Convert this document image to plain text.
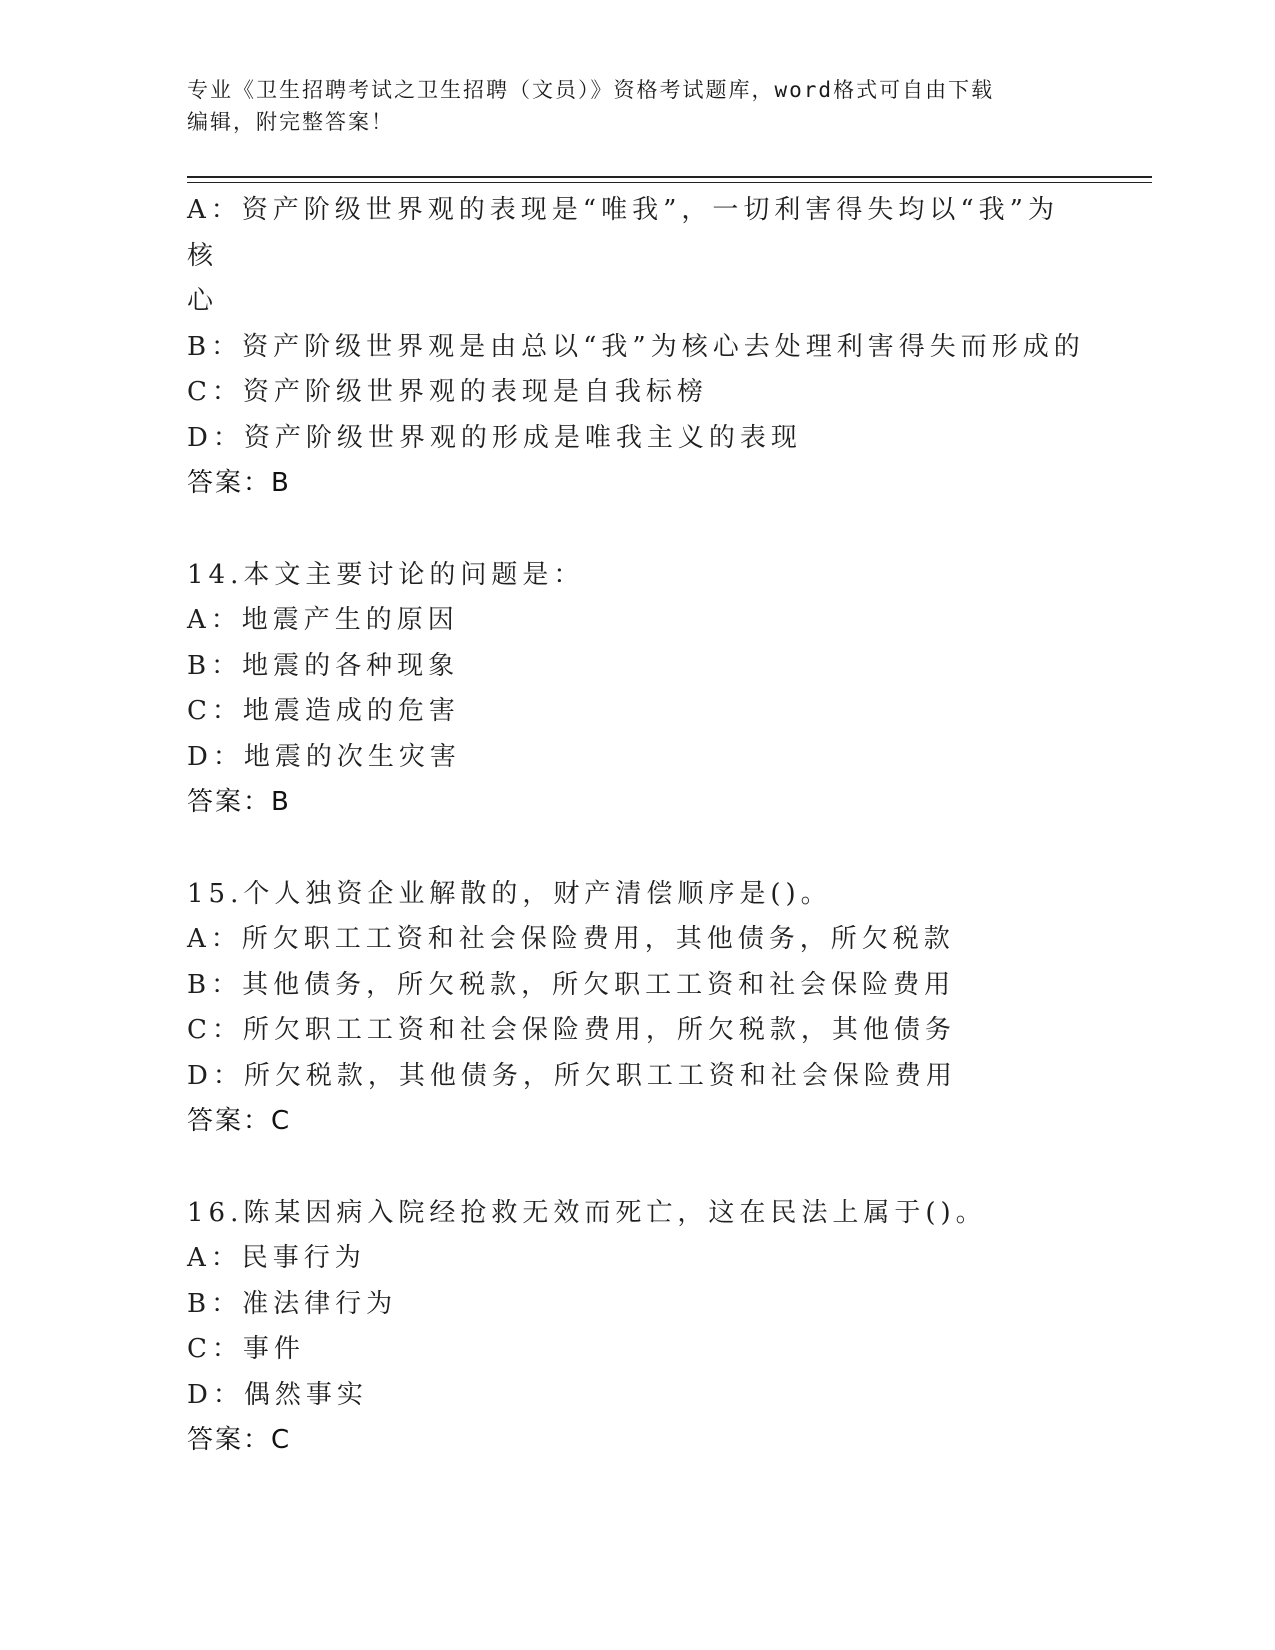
专业《卫生招聘考试之卫生招聘（文员）》资格考试题库，word格式可自由下载
编辑，附完整答案！
A：资产阶级世界观的表现是“唯我”，一切利害得失均以“我”为核
心
B：资产阶级世界观是由总以“我”为核心去处理利害得失而形成的
C：资产阶级世界观的表现是自我标榜
D：资产阶级世界观的形成是唯我主义的表现
答案：B
14.本文主要讨论的问题是：
A：地震产生的原因
B：地震的各种现象
C：地震造成的危害
D：地震的次生灾害
答案：B
15.个人独资企业解散的，财产清偿顺序是()。
A：所欠职工工资和社会保险费用，其他债务，所欠税款
B：其他债务，所欠税款，所欠职工工资和社会保险费用
C：所欠职工工资和社会保险费用，所欠税款，其他债务
D：所欠税款，其他债务，所欠职工工资和社会保险费用
答案：C
16.陈某因病入院经抢救无效而死亡，这在民法上属于()。
A：民事行为
B：准法律行为
C：事件
D：偶然事实
答案：C
